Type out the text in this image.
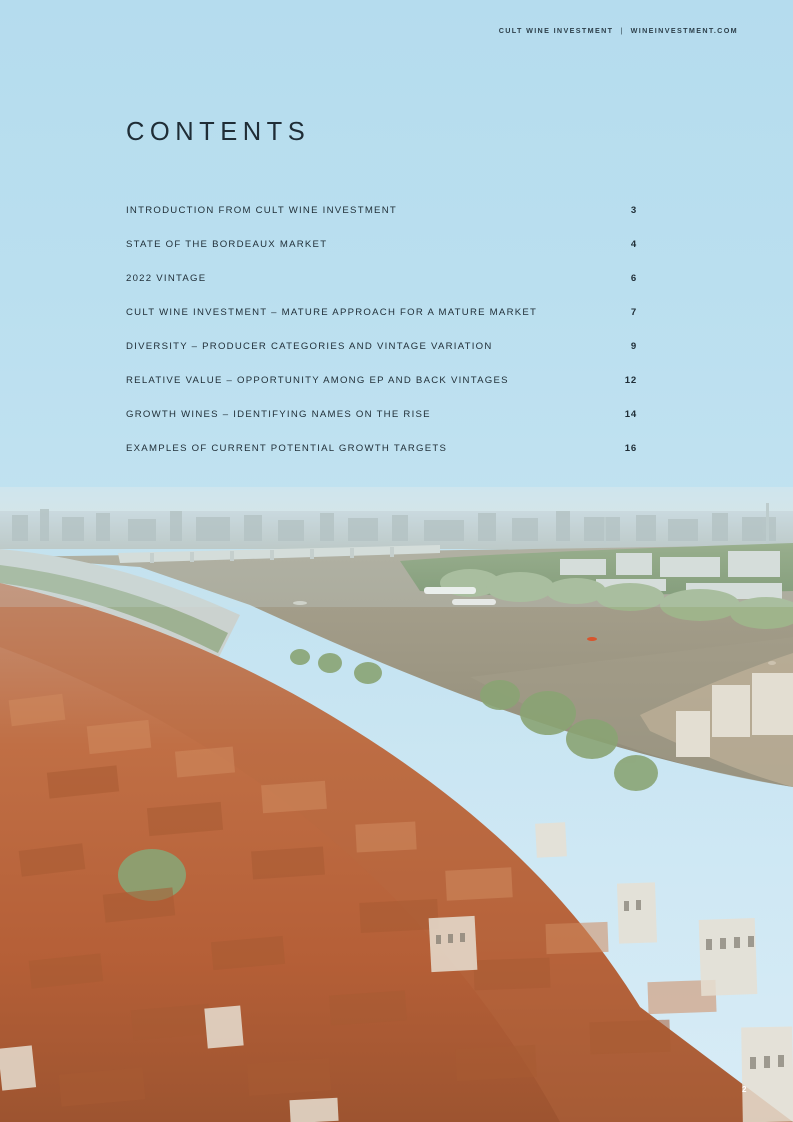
CULT WINE INVESTMENT | WINEINVESTMENT.COM
CONTENTS
INTRODUCTION FROM CULT WINE INVESTMENT	3
STATE OF THE BORDEAUX MARKET	4
2022 VINTAGE	6
CULT WINE INVESTMENT – MATURE APPROACH FOR A MATURE MARKET	7
DIVERSITY – PRODUCER CATEGORIES AND VINTAGE VARIATION	9
RELATIVE VALUE – OPPORTUNITY AMONG EP AND BACK VINTAGES	12
GROWTH WINES – IDENTIFYING NAMES ON THE RISE	14
EXAMPLES OF CURRENT POTENTIAL GROWTH TARGETS	16
2
